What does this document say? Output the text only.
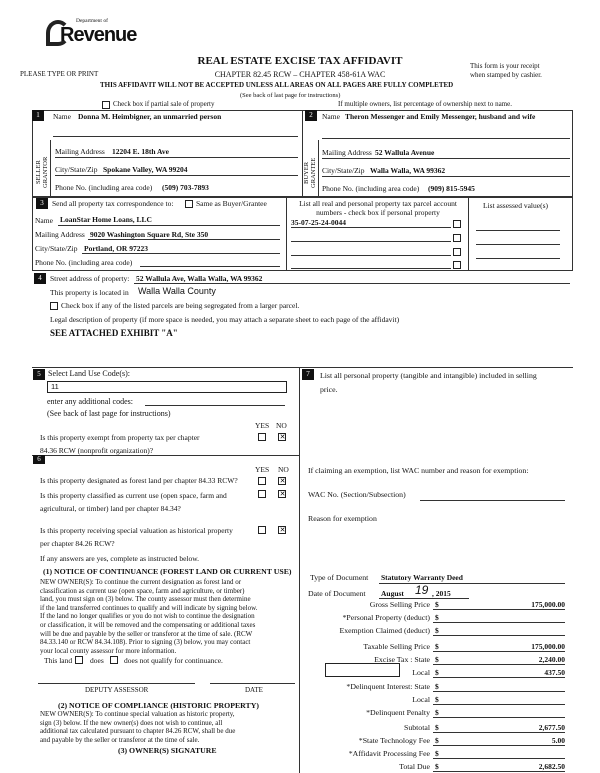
Department of
Revenue
PLEASE TYPE OR PRINT
REAL ESTATE EXCISE TAX AFFIDAVIT
CHAPTER 82.45 RCW – CHAPTER 458-61A WAC
THIS AFFIDAVIT WILL NOT BE ACCEPTED UNLESS ALL AREAS ON ALL PAGES ARE FULLY COMPLETED
(See back of last page for instructions)
This form is your receipt
when stamped by cashier.
Check box if partial sale of property	If multiple owners, list percentage of ownership next to name.
1	2
SELLER GRANTOR	BUYER GRANTEE
Name Donna M. Heimbigner, an unmarried person
Mailing Address 12204 E. 18th Ave
City/State/Zip Spokane Valley, WA 99204
Phone No. (including area code) (509) 703-7893
Name Theron Messenger and Emily Messenger, husband and wife
Mailing Address 52 Wallula Avenue
City/State/Zip Walla Walla, WA 99362
Phone No. (including area code) (909) 815-5945
3	Send all property tax correspondence to:	Same as Buyer/Grantee
Name LoanStar Home Loans, LLC
Mailing Address 9020 Washington Square Rd, Ste 350
City/State/Zip Portland, OR 97223
Phone No. (including area code)
List all real and personal property tax parcel account
numbers - check box if personal property
35-07-25-24-0044
List assessed value(s)
4	Street address of property: 52 Wallula Ave, Walla Walla, WA 99362
This property is located in Walla Walla County
Check box if any of the listed parcels are being segregated from a larger parcel.
Legal description of property (if more space is needed, you may attach a separate sheet to each page of the affidavit)
SEE ATTACHED EXHIBIT "A"
5 Select Land Use Code(s):
11
enter any additional codes:
(See back of last page for instructions)
YES NO
Is this property exempt from property tax per chapter
84.36 RCW (nonprofit organization)?
✕
6
YES NO
Is this property designated as forest land per chapter 84.33 RCW?
✕
Is this property classified as current use (open space, farm and
agricultural, or timber) land per chapter 84.34?
✕
Is this property receiving special valuation as historical property
per chapter 84.26 RCW?
✕
If any answers are yes, complete as instructed below.
(1) NOTICE OF CONTINUANCE (FOREST LAND OR CURRENT USE)
NEW OWNER(S): To continue the current designation as forest land or
classification as current use (open space, farm and agriculture, or timber)
land, you must sign on (3) below. The county assessor must then determine
if the land transferred continues to qualify and will indicate by signing below.
If the land no longer qualifies or you do not wish to continue the designation
or classification, it will be removed and the compensating or additional taxes
will be due and payable by the seller or transferor at the time of sale. (RCW
84.33.140 or RCW 84.34.108). Prior to signing (3) below, you may contact
your local county assessor for more information.
This land does	does not qualify for continuance.
DEPUTY ASSESSOR	DATE
(2) NOTICE OF COMPLIANCE (HISTORIC PROPERTY)
NEW OWNER(S): To continue special valuation as historic property,
sign (3) below. If the new owner(s) does not wish to continue, all
additional tax calculated pursuant to chapter 84.26 RCW, shall be due
and payable by the seller or transferor at the time of sale.
(3) OWNER(S) SIGNATURE
7	List all personal property (tangible and intangible) included in selling
price.
If claiming an exemption, list WAC number and reason for exemption:
WAC No. (Section/Subsection)
Reason for exemption
Type of Document Statutory Warranty Deed
Date of Document August 19 , 2015
Gross Selling Price $	175,000.00
*Personal Property (deduct) $
Exemption Claimed (deduct) $
Taxable Selling Price $	175,000.00
Excise Tax : State $	2,240.00
Local $	437.50
*Delinquent Interest: State $
Local $
*Delinquent Penalty $
Subtotal $	2,677.50
*State Technology Fee $	5.00
*Affidavit Processing Fee $
Total Due $	2,682.50
